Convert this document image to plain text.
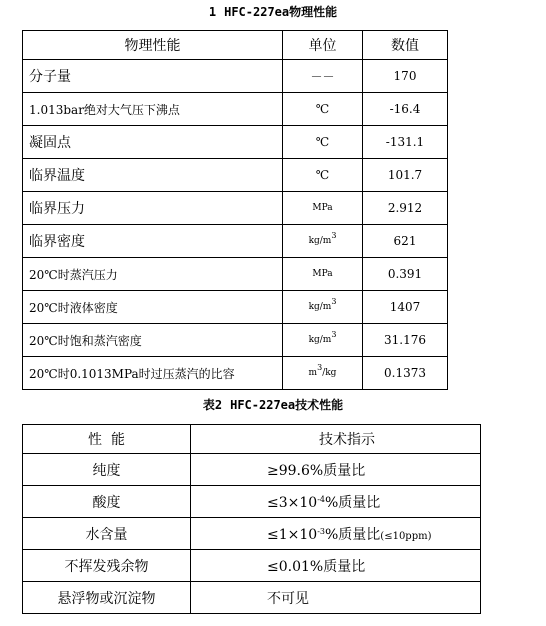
1 HFC-227ea物理性能
物理性能	单位	数值
分子量	－－	170
1.013bar绝对大气压下沸点	℃	-16.4
凝固点	℃	-131.1
临界温度	℃	101.7
临界压力	MPa	2.912
临界密度	$kg/m^3$	621
20℃时蒸汽压力	MPa	0.391
20℃时液体密度	$kg/m^3$	1407
20℃时饱和蒸汽密度	$kg/m^3$	31.176
20℃时0.1013MPa时过压蒸汽的比容	$m^3/kg$	0.1373
表2 HFC-227ea技术性能
性  能	技术指示
纯度	≥99.6%质量比
酸度	$\le 3\times 10^{-4}\%$质量比
水含量	$\le 1\times 10^{-3}\%$质量比(≤10ppm)
不挥发残余物	≤0.01%质量比
悬浮物或沉淀物	不可见
